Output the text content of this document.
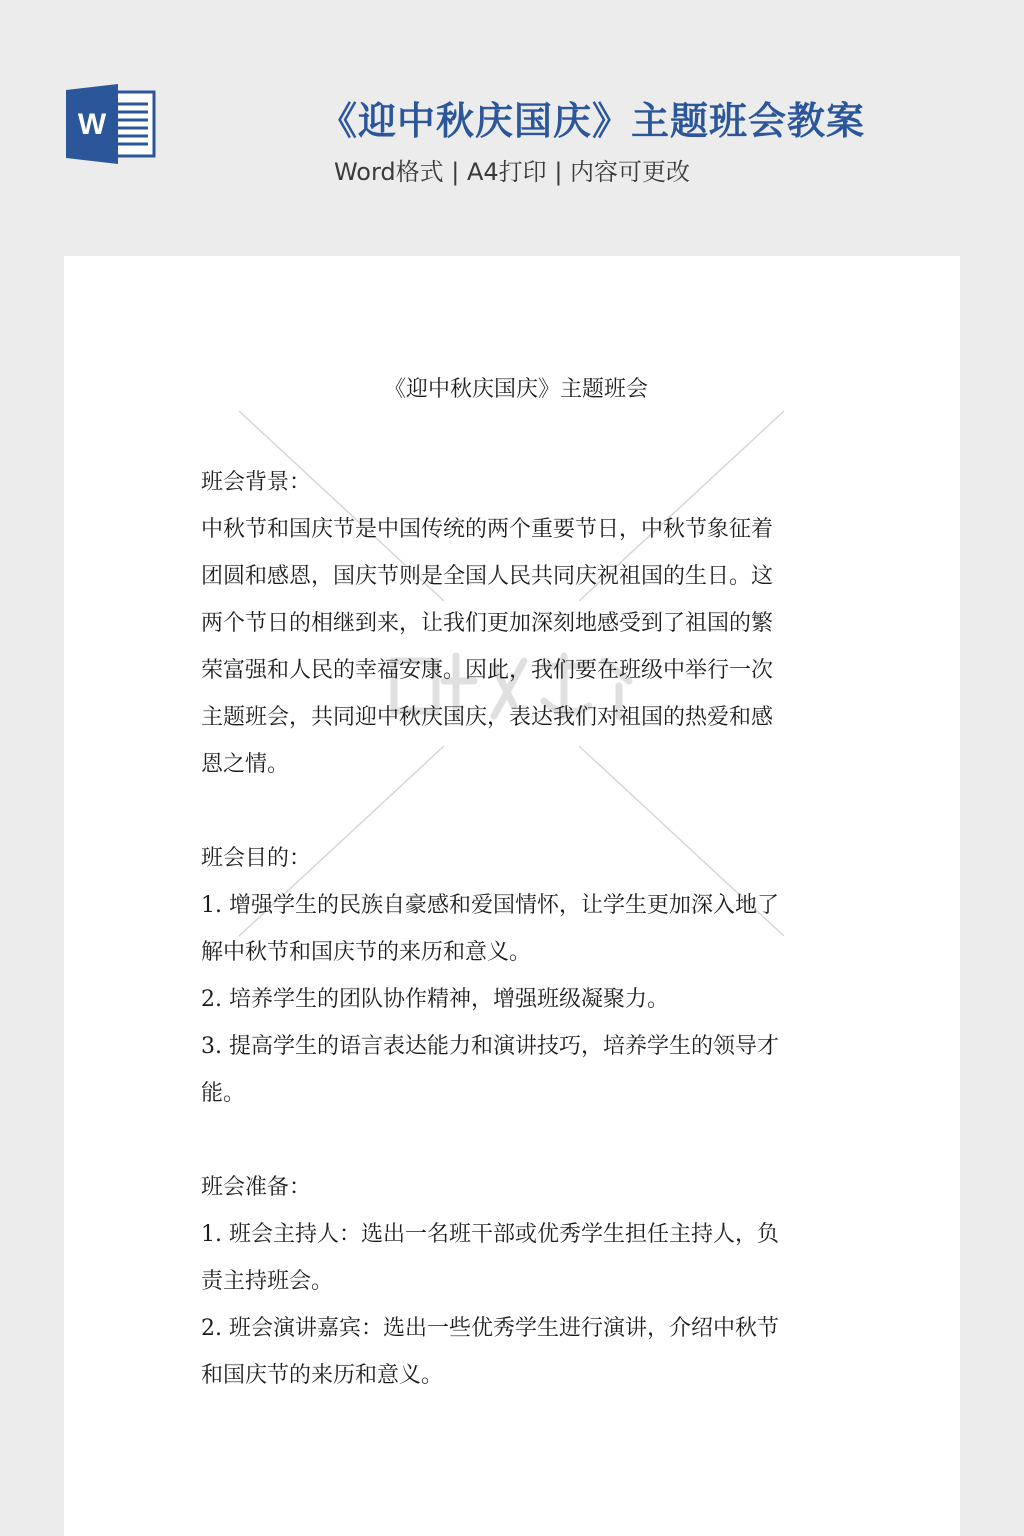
W	《迎中秋庆国庆》主题班会教案

Word格式 | A4打印 | 内容可更改

《迎中秋庆国庆》主题班会
班会背景：

中秋节和国庆节是中国传统的两个重要节日，中秋节象征着

团圆和感恩，国庆节则是全国人民共同庆祝祖国的生日。这

两个节日的相继到来，让我们更加深刻地感受到了祖国的繁

荣富强和人民的幸福安康。因此，我们要在班级中举行一次

主题班会，共同迎中秋庆国庆，表达我们对祖国的热爱和感

恩之情。

班会目的：

1. 增强学生的民族自豪感和爱国情怀，让学生更加深入地了

解中秋节和国庆节的来历和意义。

2. 培养学生的团队协作精神，增强班级凝聚力。

3. 提高学生的语言表达能力和演讲技巧，培养学生的领导才

能。

班会准备：

1. 班会主持人：选出一名班干部或优秀学生担任主持人，负

责主持班会。

2. 班会演讲嘉宾：选出一些优秀学生进行演讲，介绍中秋节

和国庆节的来历和意义。
